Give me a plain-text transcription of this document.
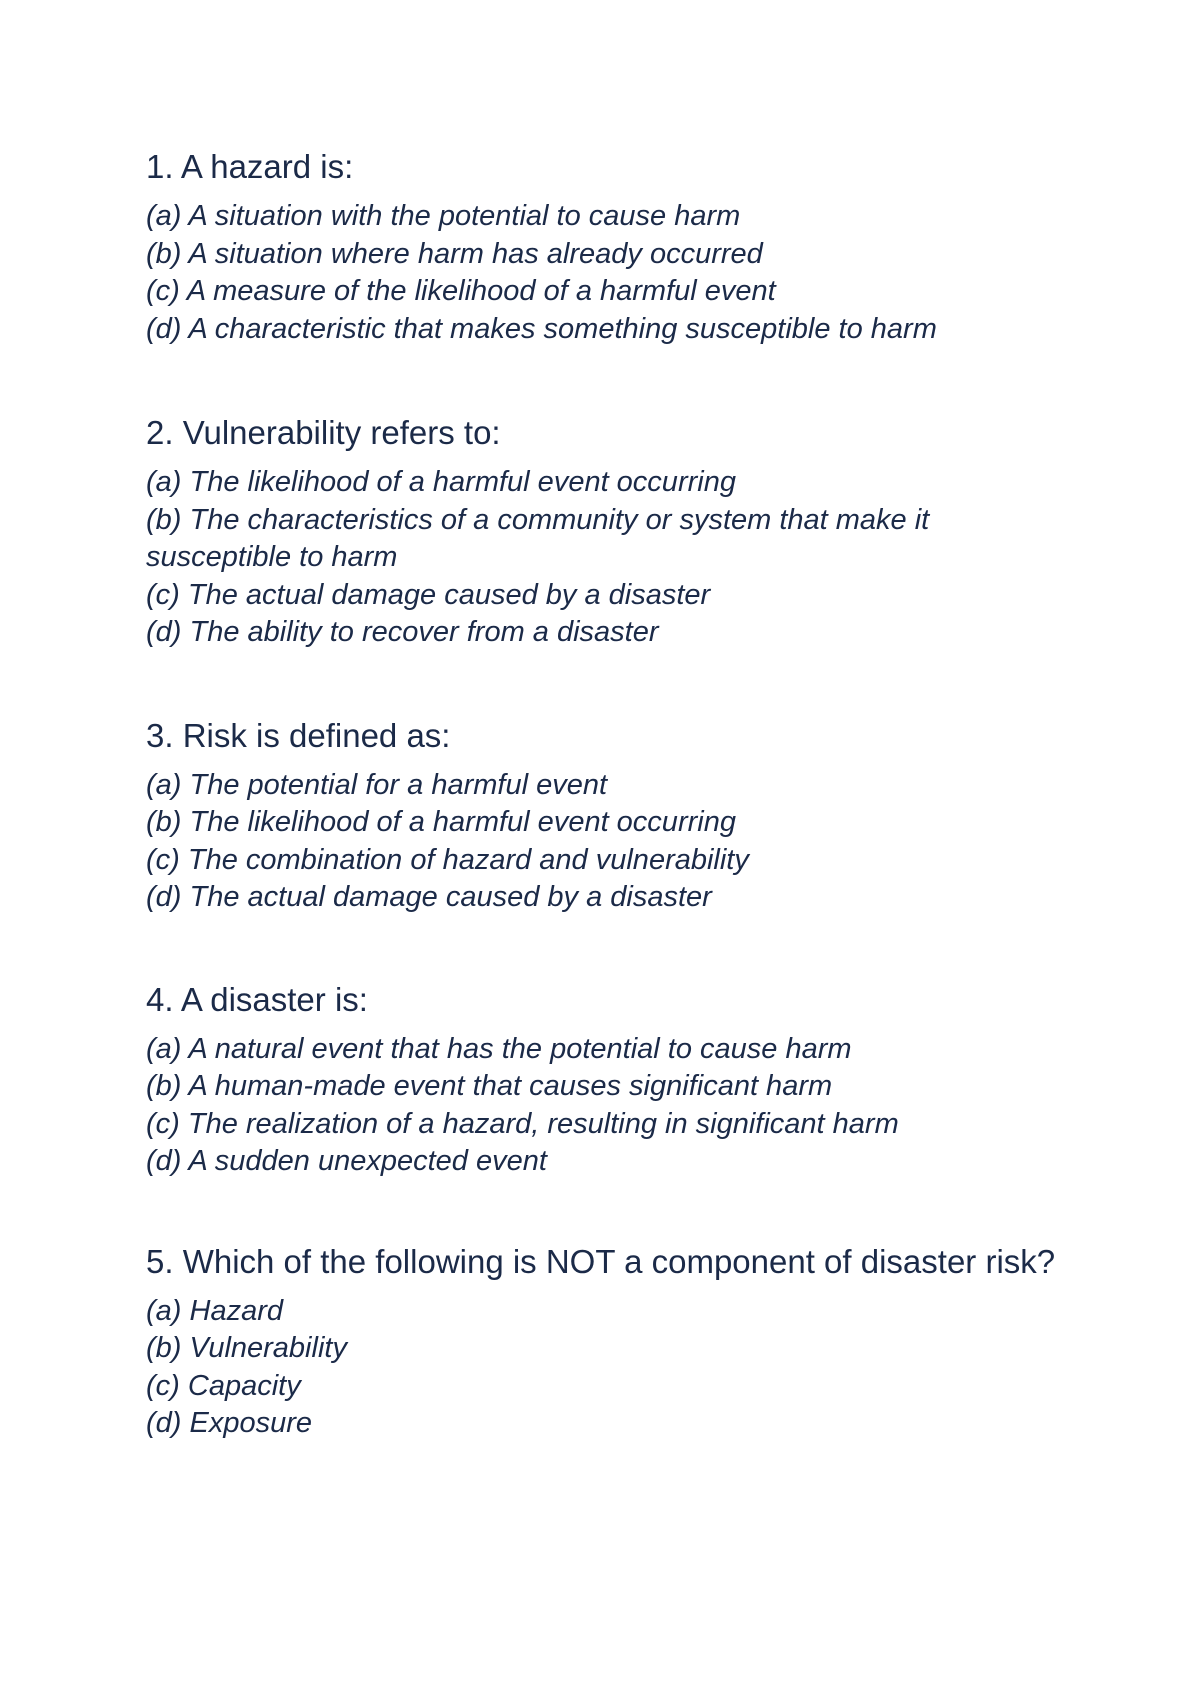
1. A hazard is:

(a) A situation with the potential to cause harm
(b) A situation where harm has already occurred
(c) A measure of the likelihood of a harmful event
(d) A characteristic that makes something susceptible to harm

2. Vulnerability refers to:

(a) The likelihood of a harmful event occurring
(b) The characteristics of a community or system that make it susceptible to harm
(c) The actual damage caused by a disaster
(d) The ability to recover from a disaster

3. Risk is defined as:

(a) The potential for a harmful event
(b) The likelihood of a harmful event occurring
(c) The combination of hazard and vulnerability
(d) The actual damage caused by a disaster

4. A disaster is:

(a) A natural event that has the potential to cause harm
(b) A human-made event that causes significant harm
(c) The realization of a hazard, resulting in significant harm
(d) A sudden unexpected event

5. Which of the following is NOT a component of disaster risk?

(a) Hazard
(b) Vulnerability
(c) Capacity
(d) Exposure
